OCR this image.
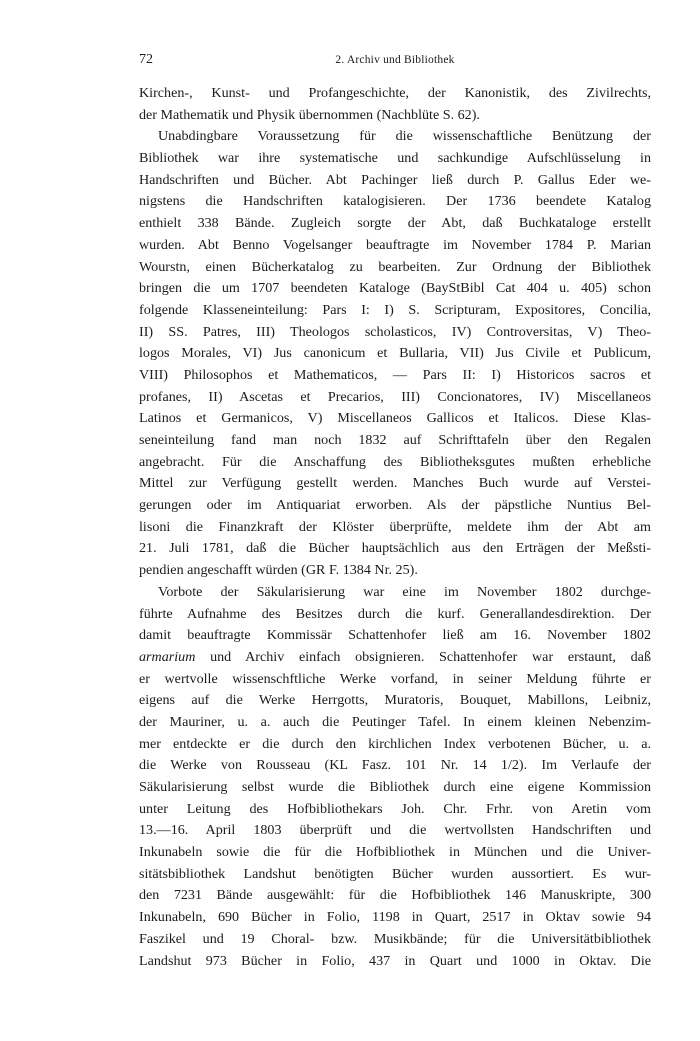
72	2. Archiv und Bibliothek
Kirchen-, Kunst- und Profangeschichte, der Kanonistik, des Zivilrechts,
der Mathematik und Physik übernommen (Nachblüte S. 62).
Unabdingbare Voraussetzung für die wissenschaftliche Benützung der
Bibliothek war ihre systematische und sachkundige Aufschlüsselung in
Handschriften und Bücher. Abt Pachinger ließ durch P. Gallus Eder we-
nigstens die Handschriften katalogisieren. Der 1736 beendete Katalog
enthielt 338 Bände. Zugleich sorgte der Abt, daß Buchkataloge erstellt
wurden. Abt Benno Vogelsanger beauftragte im November 1784 P. Marian
Wourstn, einen Bücherkatalog zu bearbeiten. Zur Ordnung der Bibliothek
bringen die um 1707 beendeten Kataloge (BayStBibl Cat 404 u. 405) schon
folgende Klasseneinteilung: Pars I: I) S. Scripturam, Expositores, Concilia,
II) SS. Patres, III) Theologos scholasticos, IV) Controversitas, V) Theo-
logos Morales, VI) Jus canonicum et Bullaria, VII) Jus Civile et Publicum,
VIII) Philosophos et Mathematicos, — Pars II: I) Historicos sacros et
profanes, II) Ascetas et Precarios, III) Concionatores, IV) Miscellaneos
Latinos et Germanicos, V) Miscellaneos Gallicos et Italicos. Diese Klas-
seneinteilung fand man noch 1832 auf Schrifttafeln über den Regalen
angebracht. Für die Anschaffung des Bibliotheksgutes mußten erhebliche
Mittel zur Verfügung gestellt werden. Manches Buch wurde auf Verstei-
gerungen oder im Antiquariat erworben. Als der päpstliche Nuntius Bel-
lisoni die Finanzkraft der Klöster überprüfte, meldete ihm der Abt am
21. Juli 1781, daß die Bücher hauptsächlich aus den Erträgen der Meßsti-
pendien angeschafft würden (GR F. 1384 Nr. 25).
Vorbote der Säkularisierung war eine im November 1802 durchge-
führte Aufnahme des Besitzes durch die kurf. Generallandesdirektion. Der
damit beauftragte Kommissär Schattenhofer ließ am 16. November 1802
armarium und Archiv einfach obsignieren. Schattenhofer war erstaunt, daß
er wertvolle wissenschftliche Werke vorfand, in seiner Meldung führte er
eigens auf die Werke Herrgotts, Muratoris, Bouquet, Mabillons, Leibniz,
der Mauriner, u. a. auch die Peutinger Tafel. In einem kleinen Nebenzim-
mer entdeckte er die durch den kirchlichen Index verbotenen Bücher, u. a.
die Werke von Rousseau (KL Fasz. 101 Nr. 14 1/2). Im Verlaufe der
Säkularisierung selbst wurde die Bibliothek durch eine eigene Kommission
unter Leitung des Hofbibliothekars Joh. Chr. Frhr. von Aretin vom
13.—16. April 1803 überprüft und die wertvollsten Handschriften und
Inkunabeln sowie die für die Hofbibliothek in München und die Univer-
sitätsbibliothek Landshut benötigten Bücher wurden aussortiert. Es wur-
den 7231 Bände ausgewählt: für die Hofbibliothek 146 Manuskripte, 300
Inkunabeln, 690 Bücher in Folio, 1198 in Quart, 2517 in Oktav sowie 94
Faszikel und 19 Choral- bzw. Musikbände; für die Universitätbibliothek
Landshut 973 Bücher in Folio, 437 in Quart und 1000 in Oktav. Die
